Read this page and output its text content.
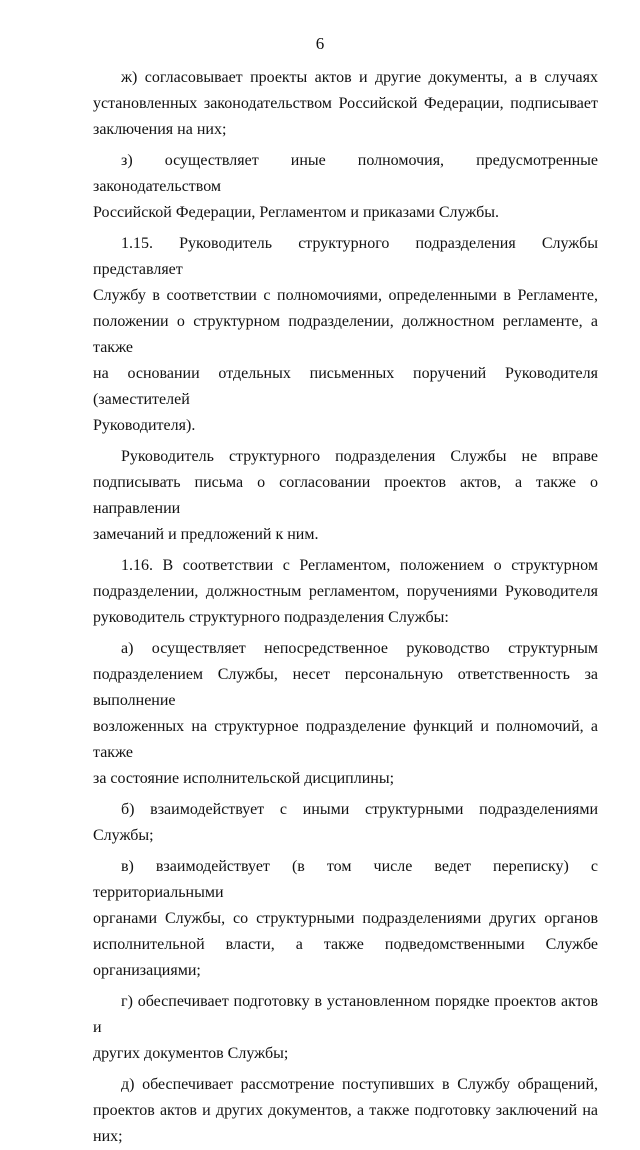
6

ж) согласовывает проекты актов и другие документы, а в случаях
установленных законодательством Российской Федерации, подписывает
заключения на них;

з) осуществляет иные полномочия, предусмотренные законодательством
Российской Федерации, Регламентом и приказами Службы.

1.15. Руководитель структурного подразделения Службы представляет
Службу в соответствии с полномочиями, определенными в Регламенте,
положении о структурном подразделении, должностном регламенте, а также
на основании отдельных письменных поручений Руководителя (заместителей
Руководителя).

Руководитель структурного подразделения Службы не вправе
подписывать письма о согласовании проектов актов, а также о направлении
замечаний и предложений к ним.

1.16. В соответствии с Регламентом, положением о структурном
подразделении, должностным регламентом, поручениями Руководителя
руководитель структурного подразделения Службы:

а) осуществляет непосредственное руководство структурным
подразделением Службы, несет персональную ответственность за выполнение
возложенных на структурное подразделение функций и полномочий, а также
за состояние исполнительской дисциплины;

б) взаимодействует с иными структурными подразделениями Службы;

в) взаимодействует (в том числе ведет переписку) с территориальными
органами Службы, со структурными подразделениями других органов
исполнительной власти, а также подведомственными Службе организациями;

г) обеспечивает подготовку в установленном порядке проектов актов и
других документов Службы;

д) обеспечивает рассмотрение поступивших в Службу обращений,
проектов актов и других документов, а также подготовку заключений на них;
